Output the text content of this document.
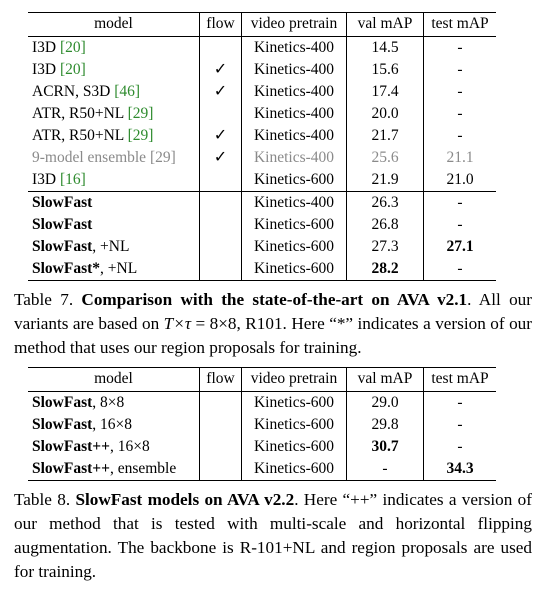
model	flow	video pretrain	val mAP	test mAP
I3D [20]		Kinetics-400	14.5	-
I3D [20]	✓	Kinetics-400	15.6	-
ACRN, S3D [46]	✓	Kinetics-400	17.4	-
ATR, R50+NL [29]		Kinetics-400	20.0	-
ATR, R50+NL [29]	✓	Kinetics-400	21.7	-
9-model ensemble [29]	✓	Kinetics-400	25.6	21.1
I3D [16]		Kinetics-600	21.9	21.0
SlowFast		Kinetics-400	26.3	-
SlowFast		Kinetics-600	26.8	-
SlowFast, +NL		Kinetics-600	27.3	27.1
SlowFast*, +NL		Kinetics-600	28.2	-
Table 7. Comparison with the state-of-the-art on AVA v2.1. All our variants are based on T×τ = 8×8, R101. Here “*” indicates a version of our method that uses our region proposals for training.
model	flow	video pretrain	val mAP	test mAP
SlowFast, 8×8		Kinetics-600	29.0	-
SlowFast, 16×8		Kinetics-600	29.8	-
SlowFast++, 16×8		Kinetics-600	30.7	-
SlowFast++, ensemble		Kinetics-600	-	34.3
Table 8. SlowFast models on AVA v2.2. Here “++” indicates a version of our method that is tested with multi-scale and horizontal flipping augmentation. The backbone is R-101+NL and region proposals are used for training.
